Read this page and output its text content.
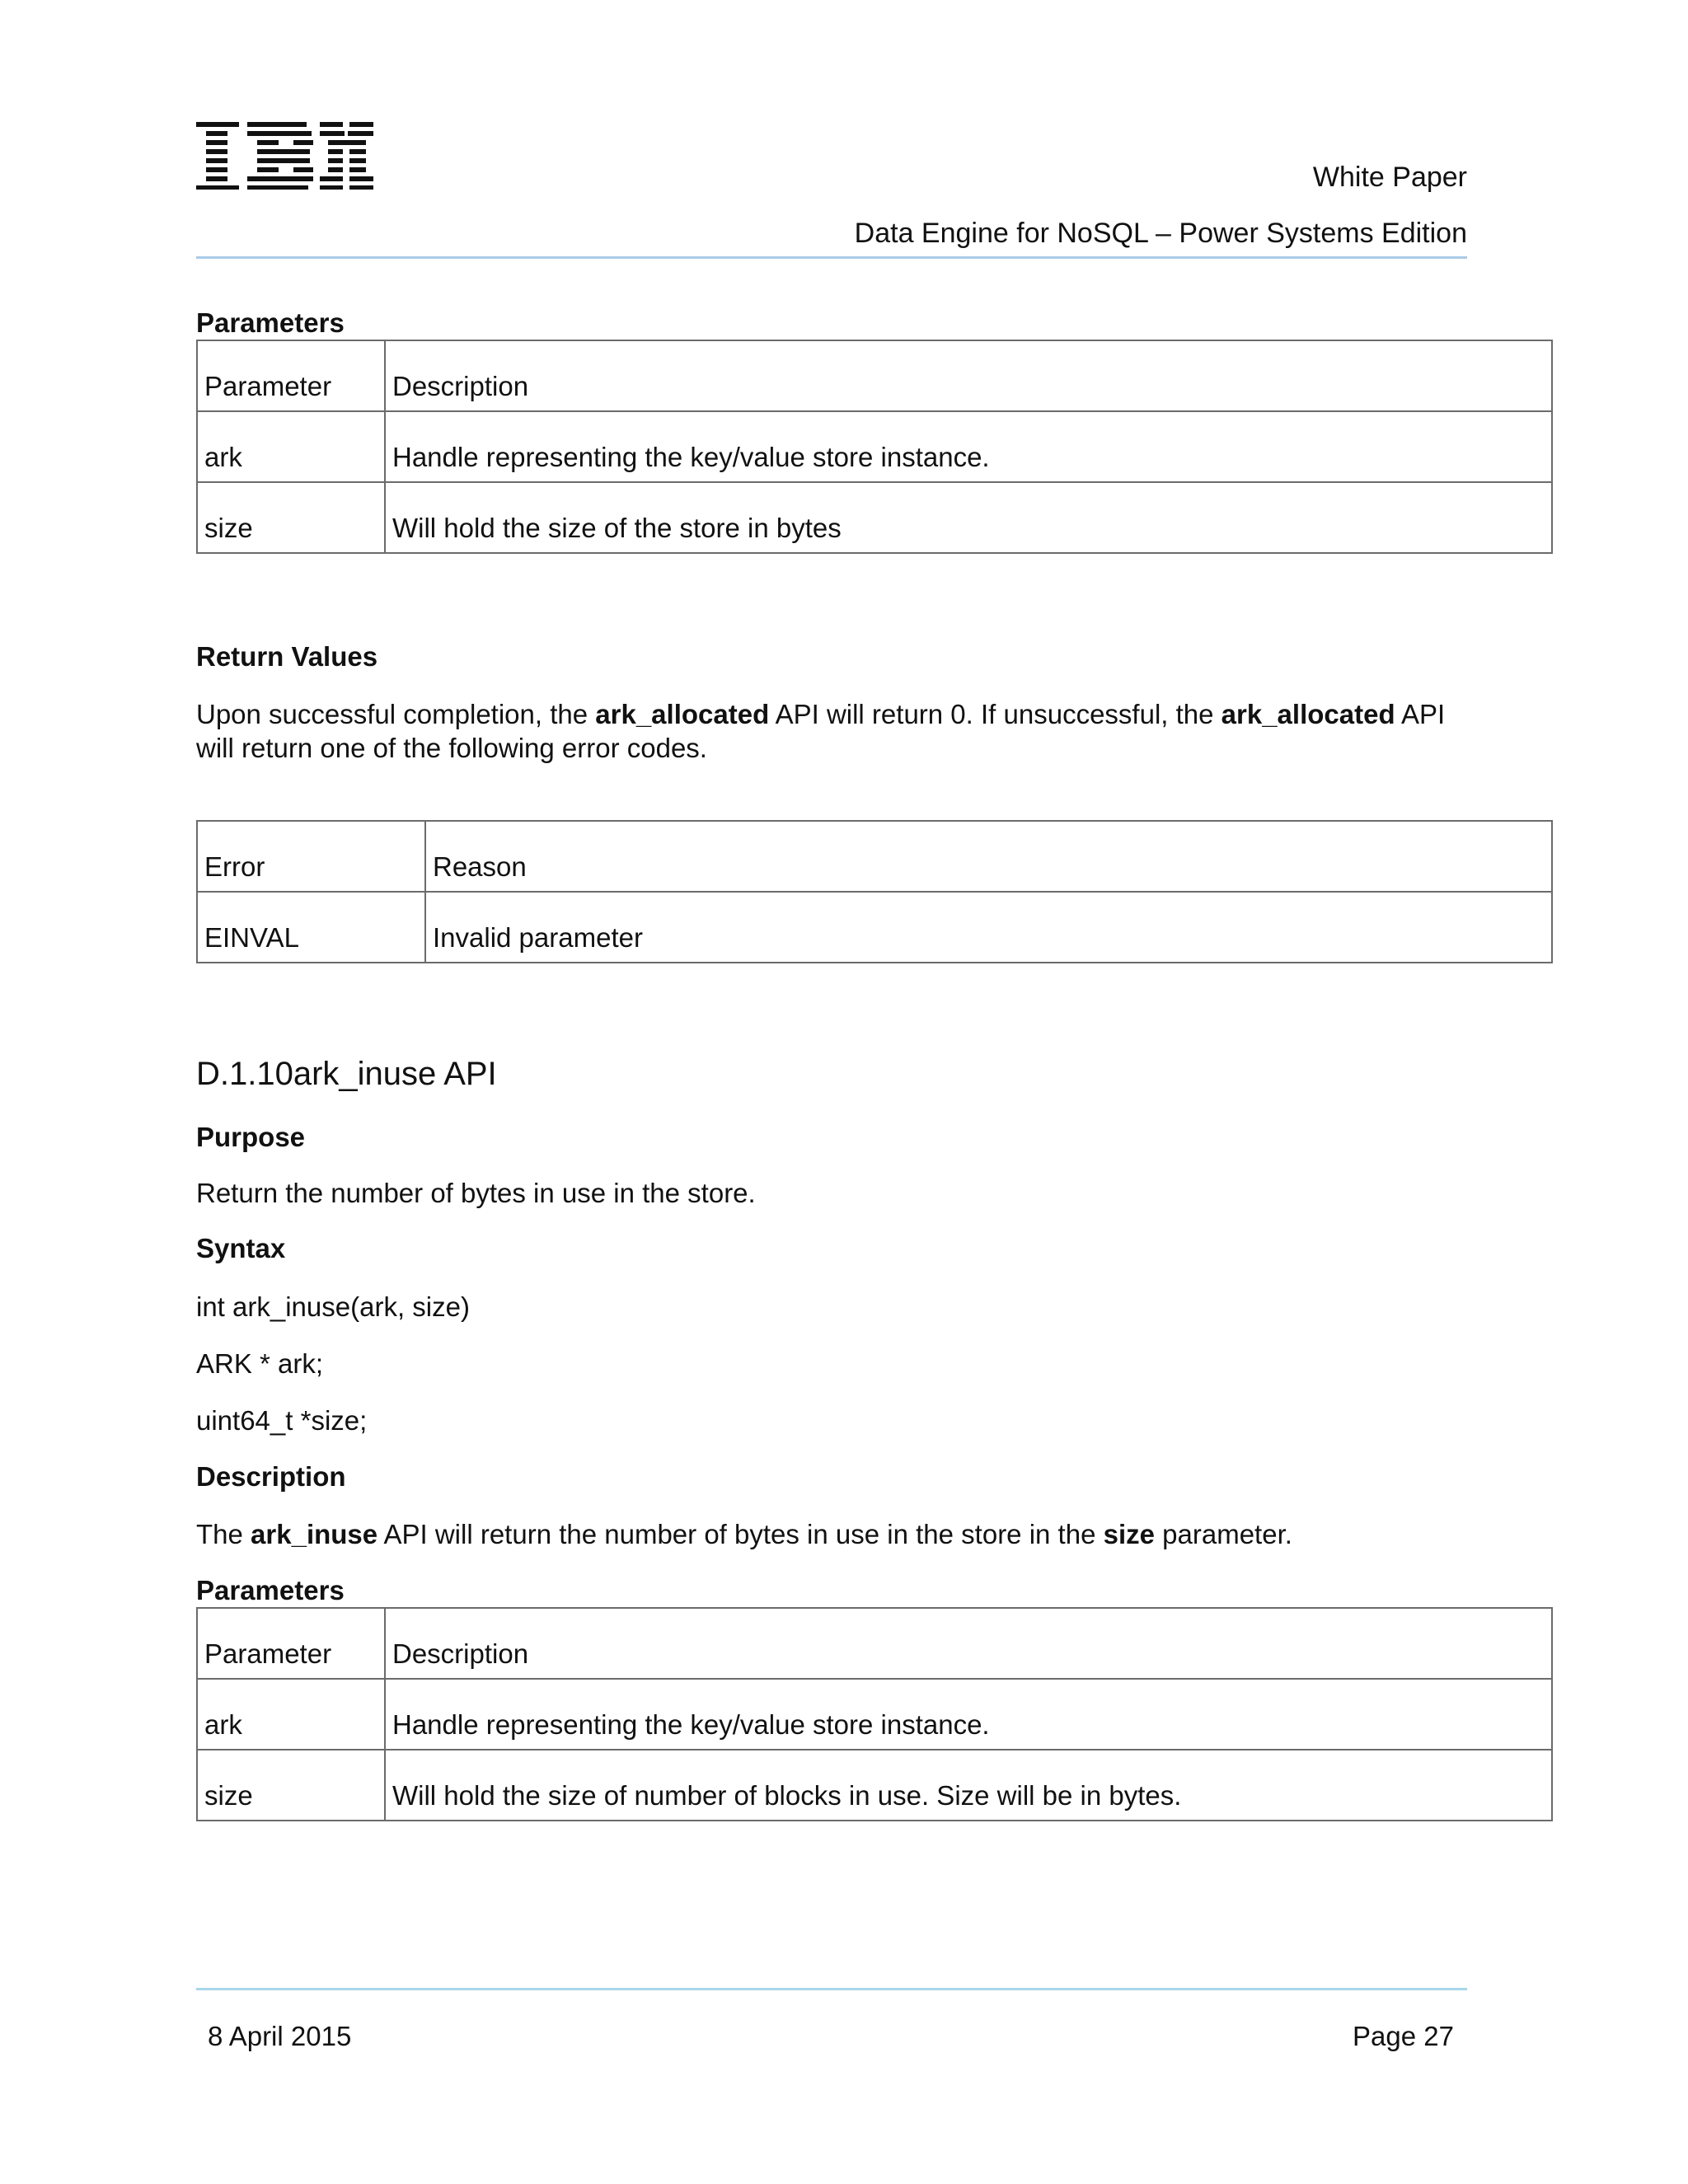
White Paper
Data Engine for NoSQL – Power Systems Edition
Parameters
Parameter	Description
ark	Handle representing the key/value store instance.
size	Will hold the size of the store in bytes
Return Values
Upon successful completion, the ark_allocated API will return 0. If unsuccessful, the ark_allocated API will return one of the following error codes.
Error	Reason
EINVAL	Invalid parameter
D.1.10ark_inuse API
Purpose
Return the number of bytes in use in the store.
Syntax
int ark_inuse(ark, size)
ARK * ark;
uint64_t *size;
Description
The ark_inuse API will return the number of bytes in use in the store in the size parameter.
Parameters
Parameter	Description
ark	Handle representing the key/value store instance.
size	Will hold the size of number of blocks in use. Size will be in bytes.
8 April 2015	Page 27
